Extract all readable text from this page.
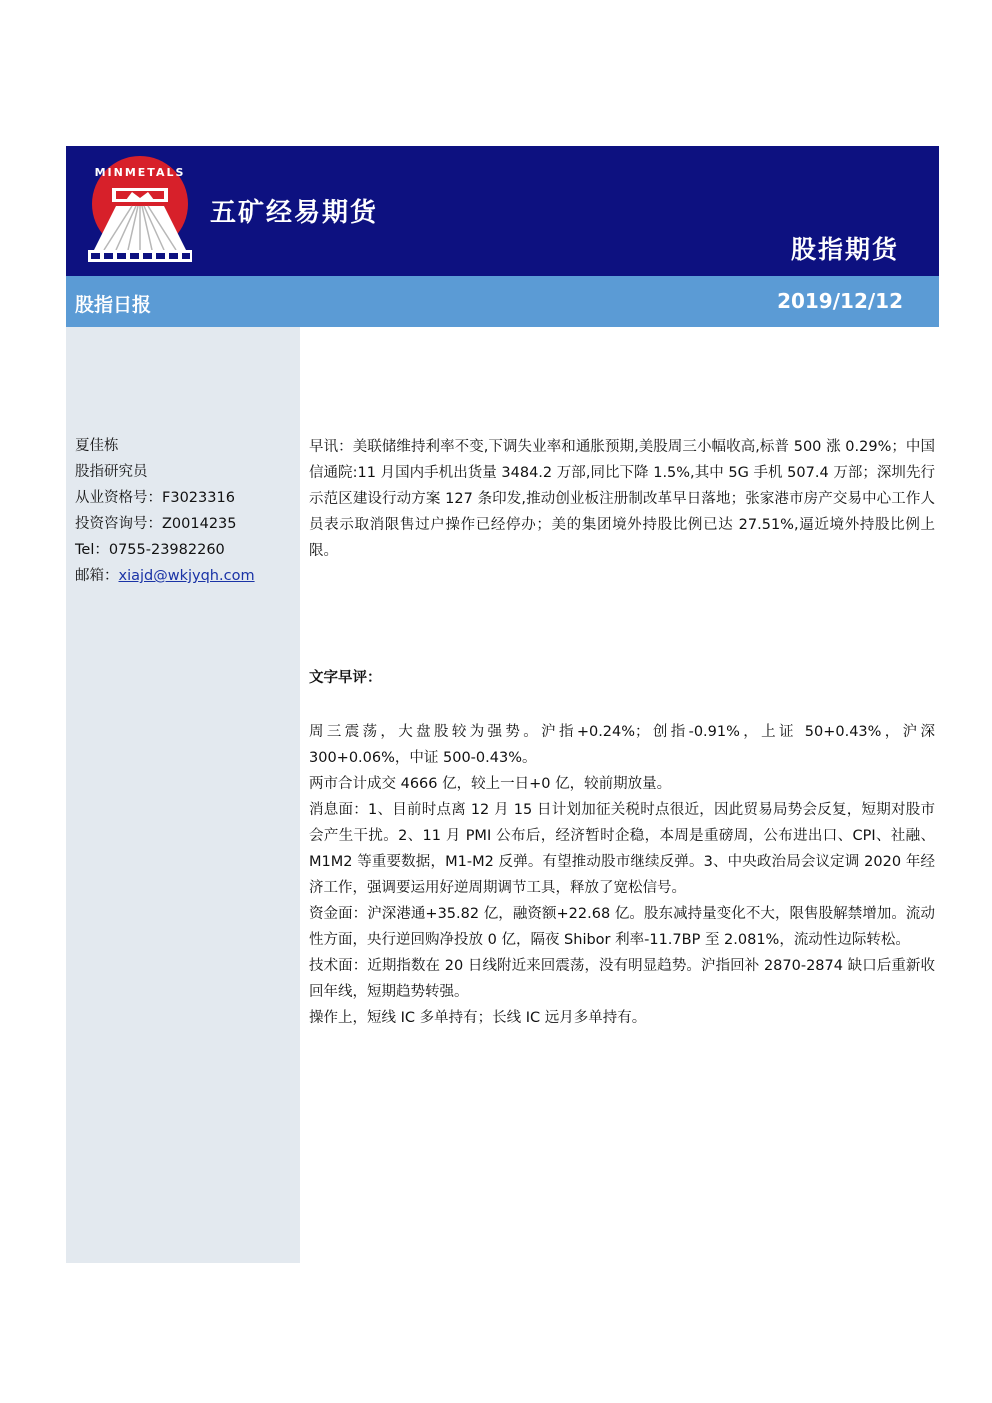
MINMETALS
五矿经易期货
股指期货
股指日报	2019/12/12
夏佳栋
股指研究员
从业资格号：F3023316
投资咨询号：Z0014235
Tel：0755-23982260
邮箱：xiajd@wkjyqh.com
早讯：美联储维持利率不变,下调失业率和通胀预期,美股周三小幅收高,标普 500 涨 0.29%；中国信通院:11 月国内手机出货量 3484.2 万部,同比下降 1.5%,其中 5G 手机 507.4 万部；深圳先行示范区建设行动方案 127 条印发,推动创业板注册制改革早日落地；张家港市房产交易中心工作人员表示取消限售过户操作已经停办；美的集团境外持股比例已达 27.51%,逼近境外持股比例上限。
文字早评：

周三震荡，大盘股较为强势。沪指+0.24%；创指-0.91%，上证 50+0.43%，沪深 300+0.06%，中证 500-0.43%。

两市合计成交 4666 亿，较上一日+0 亿，较前期放量。

消息面：1、目前时点离 12 月 15 日计划加征关税时点很近，因此贸易局势会反复，短期对股市会产生干扰。2、11 月 PMI 公布后，经济暂时企稳，本周是重磅周，公布进出口、CPI、社融、M1M2 等重要数据，M1-M2 反弹。有望推动股市继续反弹。3、中央政治局会议定调 2020 年经济工作，强调要运用好逆周期调节工具，释放了宽松信号。

资金面：沪深港通+35.82 亿，融资额+22.68 亿。股东减持量变化不大，限售股解禁增加。流动性方面，央行逆回购净投放 0 亿，隔夜 Shibor 利率-11.7BP 至 2.081%，流动性边际转松。

技术面：近期指数在 20 日线附近来回震荡，没有明显趋势。沪指回补 2870-2874 缺口后重新收回年线，短期趋势转强。

操作上，短线 IC 多单持有；长线 IC 远月多单持有。
